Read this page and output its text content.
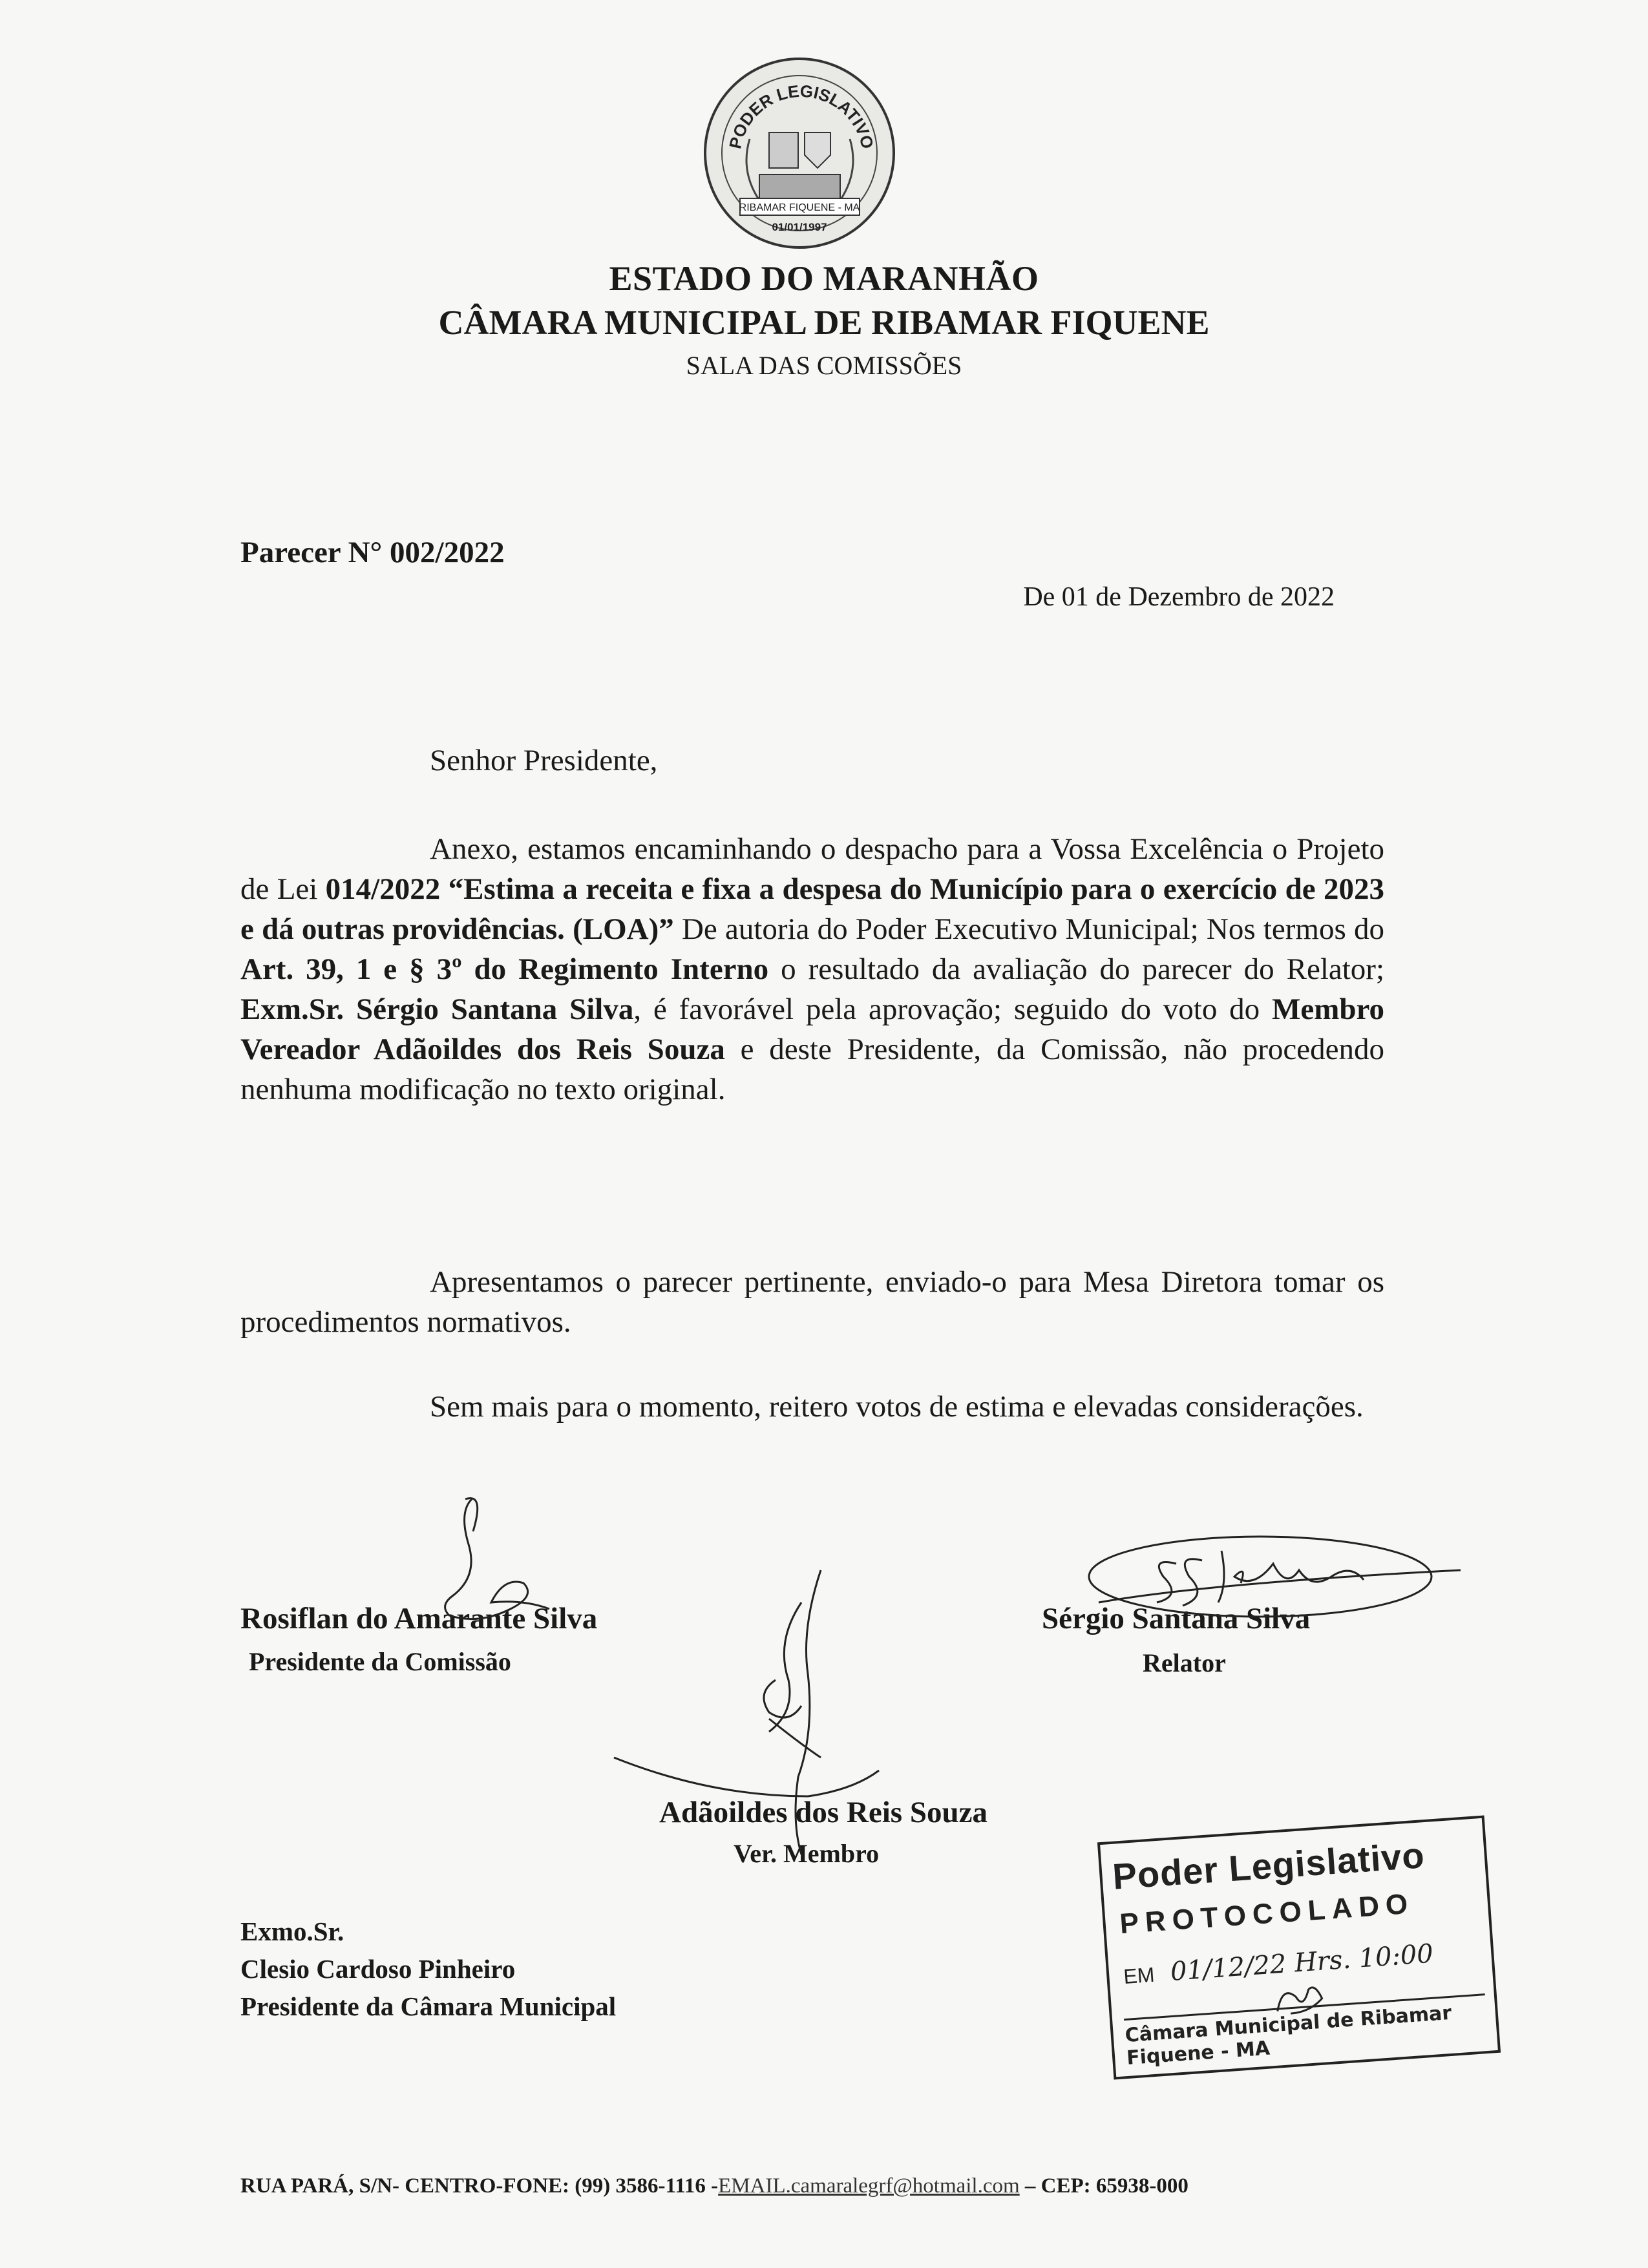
PODER LEGISLATIVO
RIBAMAR FIQUENE - MA
01/01/1997
ESTADO DO MARANHÃO
CÂMARA MUNICIPAL DE RIBAMAR FIQUENE
SALA DAS COMISSÕES
Parecer N° 002/2022
De 01 de Dezembro de 2022
Senhor Presidente,

Anexo, estamos encaminhando o despacho para a Vossa Excelência o Projeto de Lei 014/2022 “Estima a receita e fixa a despesa do Município para o exercício de 2023 e dá outras providências. (LOA)” De autoria do Poder Executivo Municipal; Nos termos do Art. 39, 1 e § 3º do Regimento Interno o resultado da avaliação do parecer do Relator; Exm.Sr. Sérgio Santana Silva, é favorável pela aprovação; seguido do voto do Membro Vereador Adãoildes dos Reis Souza e deste Presidente, da Comissão, não procedendo nenhuma modificação no texto original.

Apresentamos o parecer pertinente, enviado-o para Mesa Diretora tomar os procedimentos normativos.

Sem mais para o momento, reitero votos de estima e elevadas considerações.

Rosiflan do Amarante Silva
Presidente da Comissão
Sérgio Santana Silva
Relator
Adãoildes dos Reis Souza
Ver. Membro
Exmo.Sr.
Clesio Cardoso Pinheiro
Presidente da Câmara Municipal
Poder Legislativo
PROTOCOLADO
EM 01/12/22 Hrs. 10:00
Câmara Municipal de Ribamar Fiquene - MA
RUA PARÁ, S/N- CENTRO-FONE: (99) 3586-1116 -EMAIL.camaralegrf@hotmail.com – CEP: 65938-000
